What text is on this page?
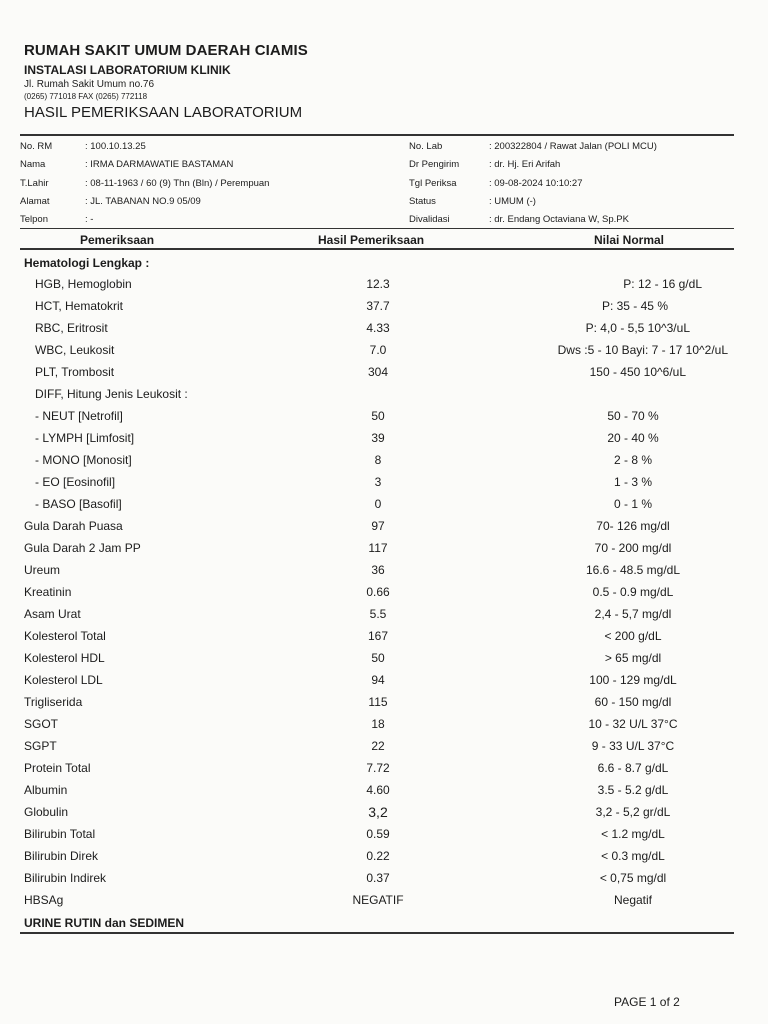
RUMAH SAKIT UMUM DAERAH CIAMIS
INSTALASI LABORATORIUM KLINIK
Jl. Rumah Sakit Umum no.76
(0265) 771018 FAX (0265) 772118
HASIL PEMERIKSAAN LABORATORIUM
No. RM	: 100.10.13.25
Nama	: IRMA DARMAWATIE BASTAMAN
T.Lahir	: 08-11-1963 / 60 (9) Thn (Bln) / Perempuan
Alamat	: JL. TABANAN NO.9 05/09
Telpon	: -
No. Lab	: 200322804 / Rawat Jalan (POLI MCU)
Dr Pengirim	: dr. Hj. Eri Arifah
Tgl Periksa	: 09-08-2024 10:10:27
Status	: UMUM (-)
Divalidasi	: dr. Endang Octaviana W, Sp.PK
Pemeriksaan	Hasil Pemeriksaan	Nilai Normal
Hematologi Lengkap :
HGB, Hemoglobin	12.3	P: 12 - 16 g/dL
HCT, Hematokrit	37.7	P: 35 - 45 %
RBC, Eritrosit	4.33	P: 4,0 - 5,5 10^3/uL
WBC, Leukosit	7.0	Dws :5 - 10 Bayi: 7 - 17 10^2/uL
PLT, Trombosit	304	150 - 450 10^6/uL
DIFF, Hitung Jenis Leukosit :
- NEUT [Netrofil]	50	50 - 70 %
- LYMPH [Limfosit]	39	20 - 40 %
- MONO [Monosit]	8	2 - 8 %
- EO [Eosinofil]	3	1 - 3 %
- BASO [Basofil]	0	0 - 1 %
Gula Darah Puasa	97	70- 126 mg/dl
Gula Darah 2 Jam PP	117	70 - 200 mg/dl
Ureum	36	16.6 - 48.5 mg/dL
Kreatinin	0.66	0.5 - 0.9 mg/dL
Asam Urat	5.5	2,4 - 5,7 mg/dl
Kolesterol Total	167	< 200 g/dL
Kolesterol HDL	50	> 65 mg/dl
Kolesterol LDL	94	100 - 129 mg/dL
Trigliserida	115	60 - 150 mg/dl
SGOT	18	10 - 32 U/L 37°C
SGPT	22	9 - 33 U/L 37°C
Protein Total	7.72	6.6 - 8.7 g/dL
Albumin	4.60	3.5 - 5.2 g/dL
Globulin	3,2	3,2 - 5,2 gr/dL
Bilirubin Total	0.59	< 1.2 mg/dL
Bilirubin Direk	0.22	< 0.3 mg/dL
Bilirubin Indirek	0.37	< 0,75 mg/dl
HBSAg	NEGATIF	Negatif
URINE RUTIN dan SEDIMEN
PAGE 1 of 2
